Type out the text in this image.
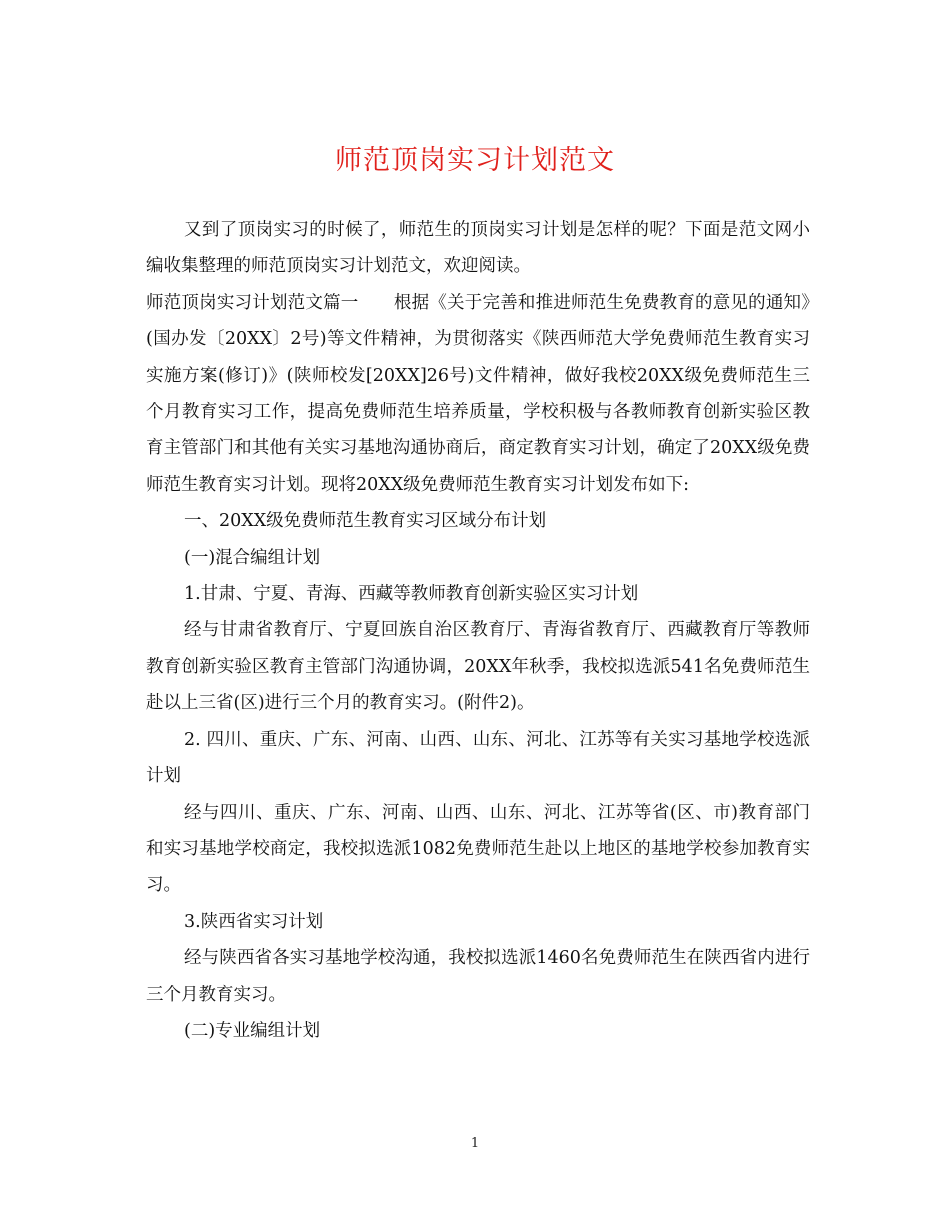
师范顶岗实习计划范文

又到了顶岗实习的时候了，师范生的顶岗实习计划是怎样的呢？下面是范文网小编收集整理的师范顶岗实习计划范文，欢迎阅读。

师范顶岗实习计划范文篇一　　根据《关于完善和推进师范生免费教育的意见的通知》(国办发〔20XX〕2号)等文件精神，为贯彻落实《陕西师范大学免费师范生教育实习实施方案(修订)》(陕师校发[20XX]26号)文件精神，做好我校20XX级免费师范生三个月教育实习工作，提高免费师范生培养质量，学校积极与各教师教育创新实验区教育主管部门和其他有关实习基地沟通协商后，商定教育实习计划，确定了20XX级免费师范生教育实习计划。现将20XX级免费师范生教育实习计划发布如下:

一、20XX级免费师范生教育实习区域分布计划

(一)混合编组计划

1.甘肃、宁夏、青海、西藏等教师教育创新实验区实习计划

经与甘肃省教育厅、宁夏回族自治区教育厅、青海省教育厅、西藏教育厅等教师教育创新实验区教育主管部门沟通协调，20XX年秋季，我校拟选派541名免费师范生赴以上三省(区)进行三个月的教育实习。(附件2)。

2. 四川、重庆、广东、河南、山西、山东、河北、江苏等有关实习基地学校选派计划

经与四川、重庆、广东、河南、山西、山东、河北、江苏等省(区、市)教育部门和实习基地学校商定，我校拟选派1082免费师范生赴以上地区的基地学校参加教育实习。

3.陕西省实习计划

经与陕西省各实习基地学校沟通，我校拟选派1460名免费师范生在陕西省内进行三个月教育实习。

(二)专业编组计划

1
